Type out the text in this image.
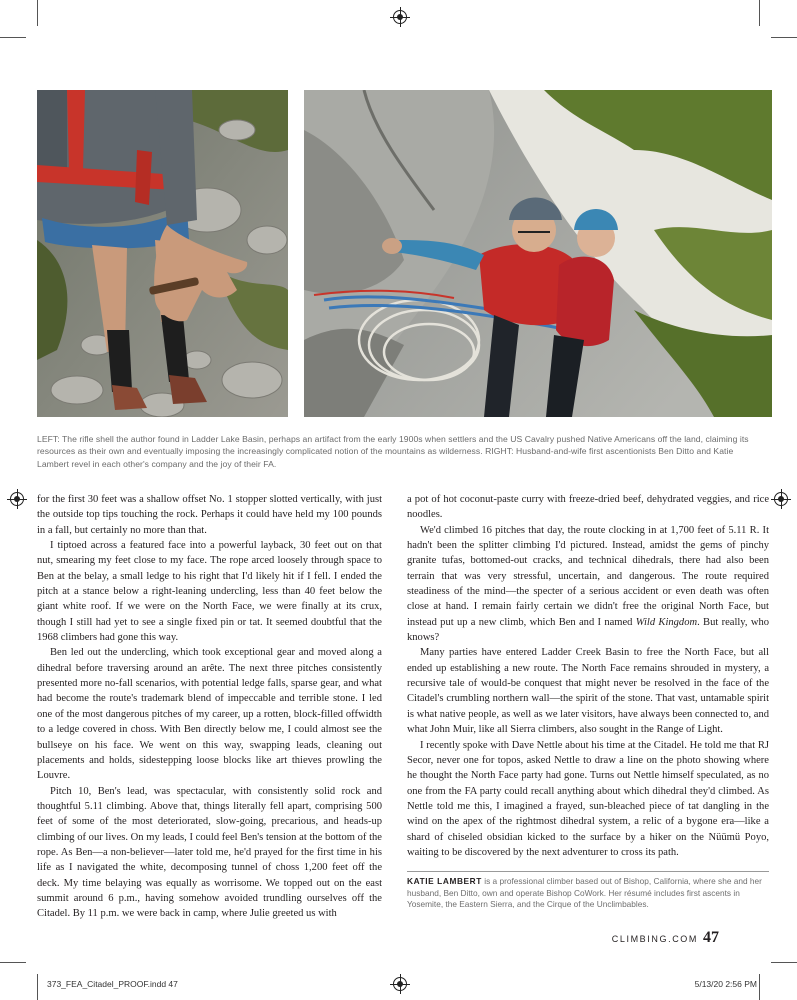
LEFT: The rifle shell the author found in Ladder Lake Basin, perhaps an artifact from the early 1900s when settlers and the US Cavalry pushed Native Americans off the land, claiming its resources as their own and eventually imposing the increasingly complicated notion of the mountains as wilderness. RIGHT: Husband-and-wife first ascentionists Ben Ditto and Katie Lambert revel in each other's company and the joy of their FA.

for the first 30 feet was a shallow offset No. 1 stopper slotted vertically, with just the outside top tips touching the rock. Perhaps it could have held my 100 pounds in a fall, but certainly no more than that.

I tiptoed across a featured face into a powerful layback, 30 feet out on that nut, smearing my feet close to my face. The rope arced loosely through space to Ben at the belay, a small ledge to his right that I'd likely hit if I fell. I ended the pitch at a stance below a right-leaning undercling, less than 40 feet below the giant white roof. If we were on the North Face, we were finally at its crux, though I still had yet to see a single fixed pin or tat. It seemed doubtful that the 1968 climbers had gone this way.

Ben led out the undercling, which took exceptional gear and moved along a dihedral before traversing around an arête. The next three pitches consistently presented more no-fall scenarios, with potential ledge falls, sparse gear, and what had become the route's trademark blend of impeccable and terrible stone. I led one of the most dangerous pitches of my career, up a rotten, block-filled offwidth to a ledge covered in choss. With Ben directly below me, I could almost see the bullseye on his face. We went on this way, swapping leads, cleaning out placements and holds, sidestepping loose blocks like art thieves prowling the Louvre.

Pitch 10, Ben's lead, was spectacular, with consistently solid rock and thoughtful 5.11 climbing. Above that, things literally fell apart, comprising 500 feet of some of the most deteriorated, slow-going, precarious, and heads-up climbing of our lives. On my leads, I could feel Ben's tension at the bottom of the rope. As Ben—a non-believer—later told me, he'd prayed for the first time in his life as I navigated the white, decomposing tunnel of choss 1,200 feet off the deck. My time belaying was equally as worrisome. We topped out on the east summit around 6 p.m., having somehow avoided trundling ourselves off the Citadel. By 11 p.m. we were back in camp, where Julie greeted us with

a pot of hot coconut-paste curry with freeze-dried beef, dehydrated veggies, and rice noodles.

We'd climbed 16 pitches that day, the route clocking in at 1,700 feet of 5.11 R. It hadn't been the splitter climbing I'd pictured. Instead, amidst the gems of pinchy granite tufas, bottomed-out cracks, and technical dihedrals, there had also been terrain that was very stressful, uncertain, and dangerous. The route required steadiness of the mind—the specter of a serious accident or even death was often close at hand. I remain fairly certain we didn't free the original North Face, but instead put up a new climb, which Ben and I named Wild Kingdom. But really, who knows?

Many parties have entered Ladder Creek Basin to free the North Face, but all ended up establishing a new route. The North Face remains shrouded in mystery, a recursive tale of would-be conquest that might never be resolved in the face of the Citadel's crumbling northern wall—the spirit of the stone. That vast, untamable spirit is what native people, as well as we later visitors, have always been connected to, and what John Muir, like all Sierra climbers, also sought in the Range of Light.

I recently spoke with Dave Nettle about his time at the Citadel. He told me that RJ Secor, never one for topos, asked Nettle to draw a line on the photo showing where he thought the North Face party had gone. Turns out Nettle himself speculated, as no one from the FA party could recall anything about which dihedral they'd climbed. As Nettle told me this, I imagined a frayed, sun-bleached piece of tat dangling in the wind on the apex of the rightmost dihedral system, a relic of a bygone era—like a shard of chiseled obsidian kicked to the surface by a hiker on the Nüümü Poyo, waiting to be discovered by the next adventurer to cross its path.

KATIE LAMBERT is a professional climber based out of Bishop, California, where she and her husband, Ben Ditto, own and operate Bishop CoWork. Her résumé includes first ascents in Yosemite, the Eastern Sierra, and the Cirque of the Unclimbables.
CLIMBING.COM 47
373_FEA_Citadel_PROOF.indd 47	5/13/20 2:56 PM
